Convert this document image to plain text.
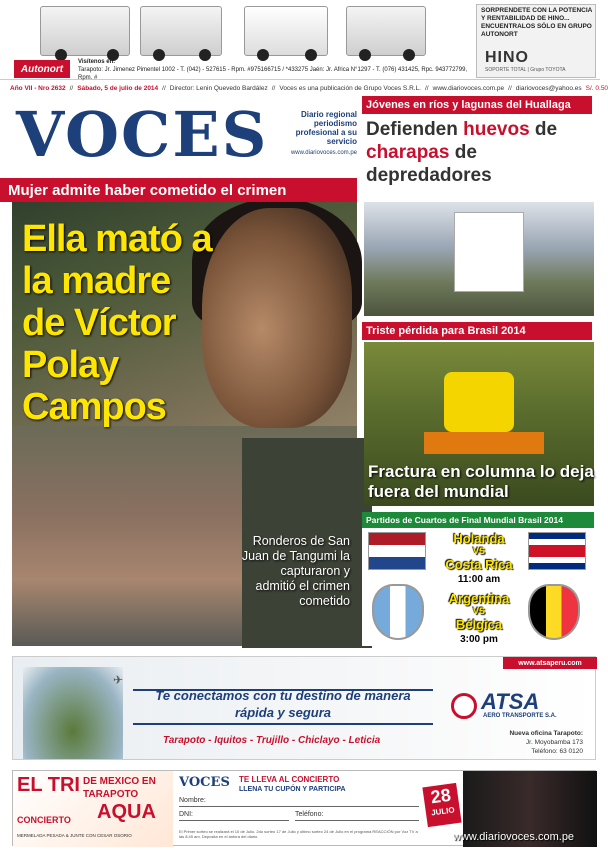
Autonort
Visítenos en:
Tarapoto: Jr. Jimenez Pimentel 1002 - T. (042) - 527615 - Rpm. #975166715 / *433275 Jaén: Jr. Africa N°1297 - T. (076) 431425, Rpc. 943772799, Rpm. #
SORPRENDETE CON LA POTENCIA Y RENTABILIDAD DE HINO... ENCUENTRALOS SÓLO EN GRUPO AUTONORT
HINO
SOPORTE TOTAL | Grupo TOYOTA
Año VII - Nro 2632 // Sábado, 5 de julio de 2014 // Director: Lenin Quevedo Bardález // Voces es una publicación de Grupo Voces S.R.L. // www.diariovoces.com.pe // diariovoces@yahoo.es S/. 0.50
VOCES	Diario regional periodismo profesional a su servicio
www.diariovoces.com.pe
Mujer admite haber cometido el crimen
Ella mató a la madre de Víctor Polay Campos
Ronderos de San Juan de Tangumi la capturaron y admitió el crimen cometido
Jóvenes en ríos y lagunas del Huallaga
Defienden huevos de charapas de depredadores
Triste pérdida para Brasil 2014
Fractura en columna lo deja fuera del mundial
Partidos de Cuartos de Final Mundial Brasil 2014
Holanda
VS
Costa Rica
11:00 am
Argentina
VS
Bélgica
3:00 pm
www.atsaperu.com
✈
Te conectamos con tu destino de manera rápida y segura
Tarapoto - Iquitos - Trujillo - Chiclayo - Leticia
ATSA
AERO TRANSPORTE S.A.
Nueva oficina Tarapoto:
Jr. Moyobamba 173
Teléfono: 63 0120
EL TRI DE MEXICO EN TARAPOTO
AQUA
CONCIERTO
MERMELADA PESADA & JUNTE CON CESAR OSORIO
VOCES TE LLEVA AL CONCIERTO
LLENA TU CUPÓN Y PARTICIPA
Nombre:
DNI:	Teléfono:
El Primer sorteo se realizará el 10 de Julio. 2do sorteo 17 de Julio y último sorteo 24 de Julio en el programa REACCIÓN por Voz TV a las 8:45 am. Deposita en el ánfora del diario.
28
JULIO
www.diariovoces.com.pe
